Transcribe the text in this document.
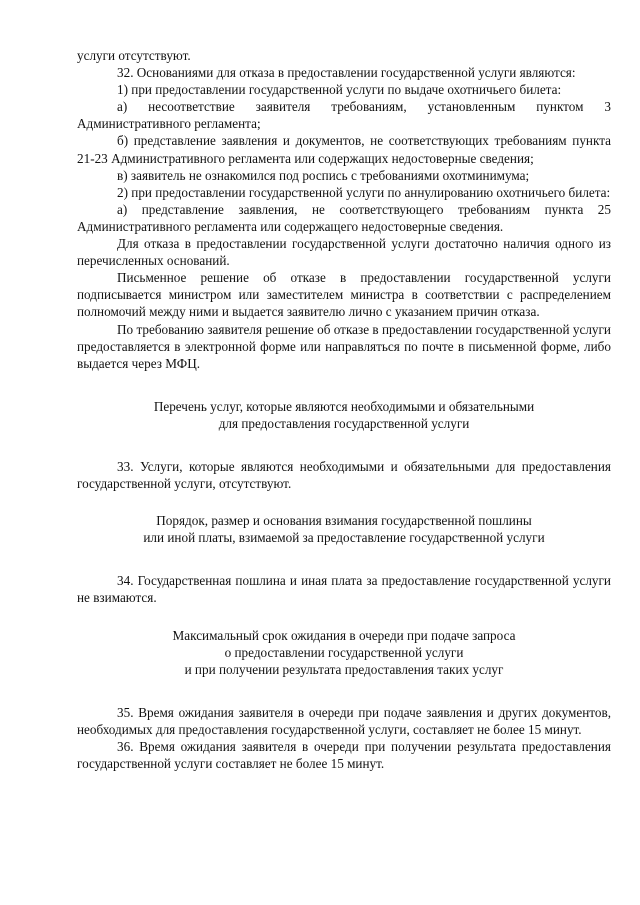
услуги отсутствуют.

32. Основаниями для отказа в предоставлении государственной услуги являются:

1) при предоставлении государственной услуги по выдаче охотничьего билета:

а) несоответствие заявителя требованиям, установленным пунктом 3 Административного регламента;

б) представление заявления и документов, не соответствующих требованиям пункта 21-23 Административного регламента или содержащих недостоверные сведения;

в) заявитель не ознакомился под роспись с требованиями охотминимума;

2) при предоставлении государственной услуги по аннулированию охотничьего билета:

а) представление заявления, не соответствующего требованиям пункта 25 Административного регламента или содержащего недостоверные сведения.

Для отказа в предоставлении государственной услуги достаточно наличия одного из перечисленных оснований.

Письменное решение об отказе в предоставлении государственной услуги подписывается министром или заместителем министра в соответствии с распределением полномочий между ними и выдается заявителю лично с указанием причин отказа.

По требованию заявителя решение об отказе в предоставлении государственной услуги предоставляется в электронной форме или направляться по почте в письменной форме, либо выдается через МФЦ.

Перечень услуг, которые являются необходимыми и обязательными

для предоставления государственной услуги

33. Услуги, которые являются необходимыми и обязательными для предоставления государственной услуги, отсутствуют.

Порядок, размер и основания взимания государственной пошлины

или иной платы, взимаемой за предоставление государственной услуги

34. Государственная пошлина и иная плата за предоставление государственной услуги не взимаются.

Максимальный срок ожидания в очереди при подаче запроса

о предоставлении государственной услуги

и при получении результата предоставления таких услуг

35. Время ожидания заявителя в очереди при подаче заявления и других документов, необходимых для предоставления государственной услуги, составляет не более 15 минут.

36. Время ожидания заявителя в очереди при получении результата предоставления государственной услуги составляет не более 15 минут.
